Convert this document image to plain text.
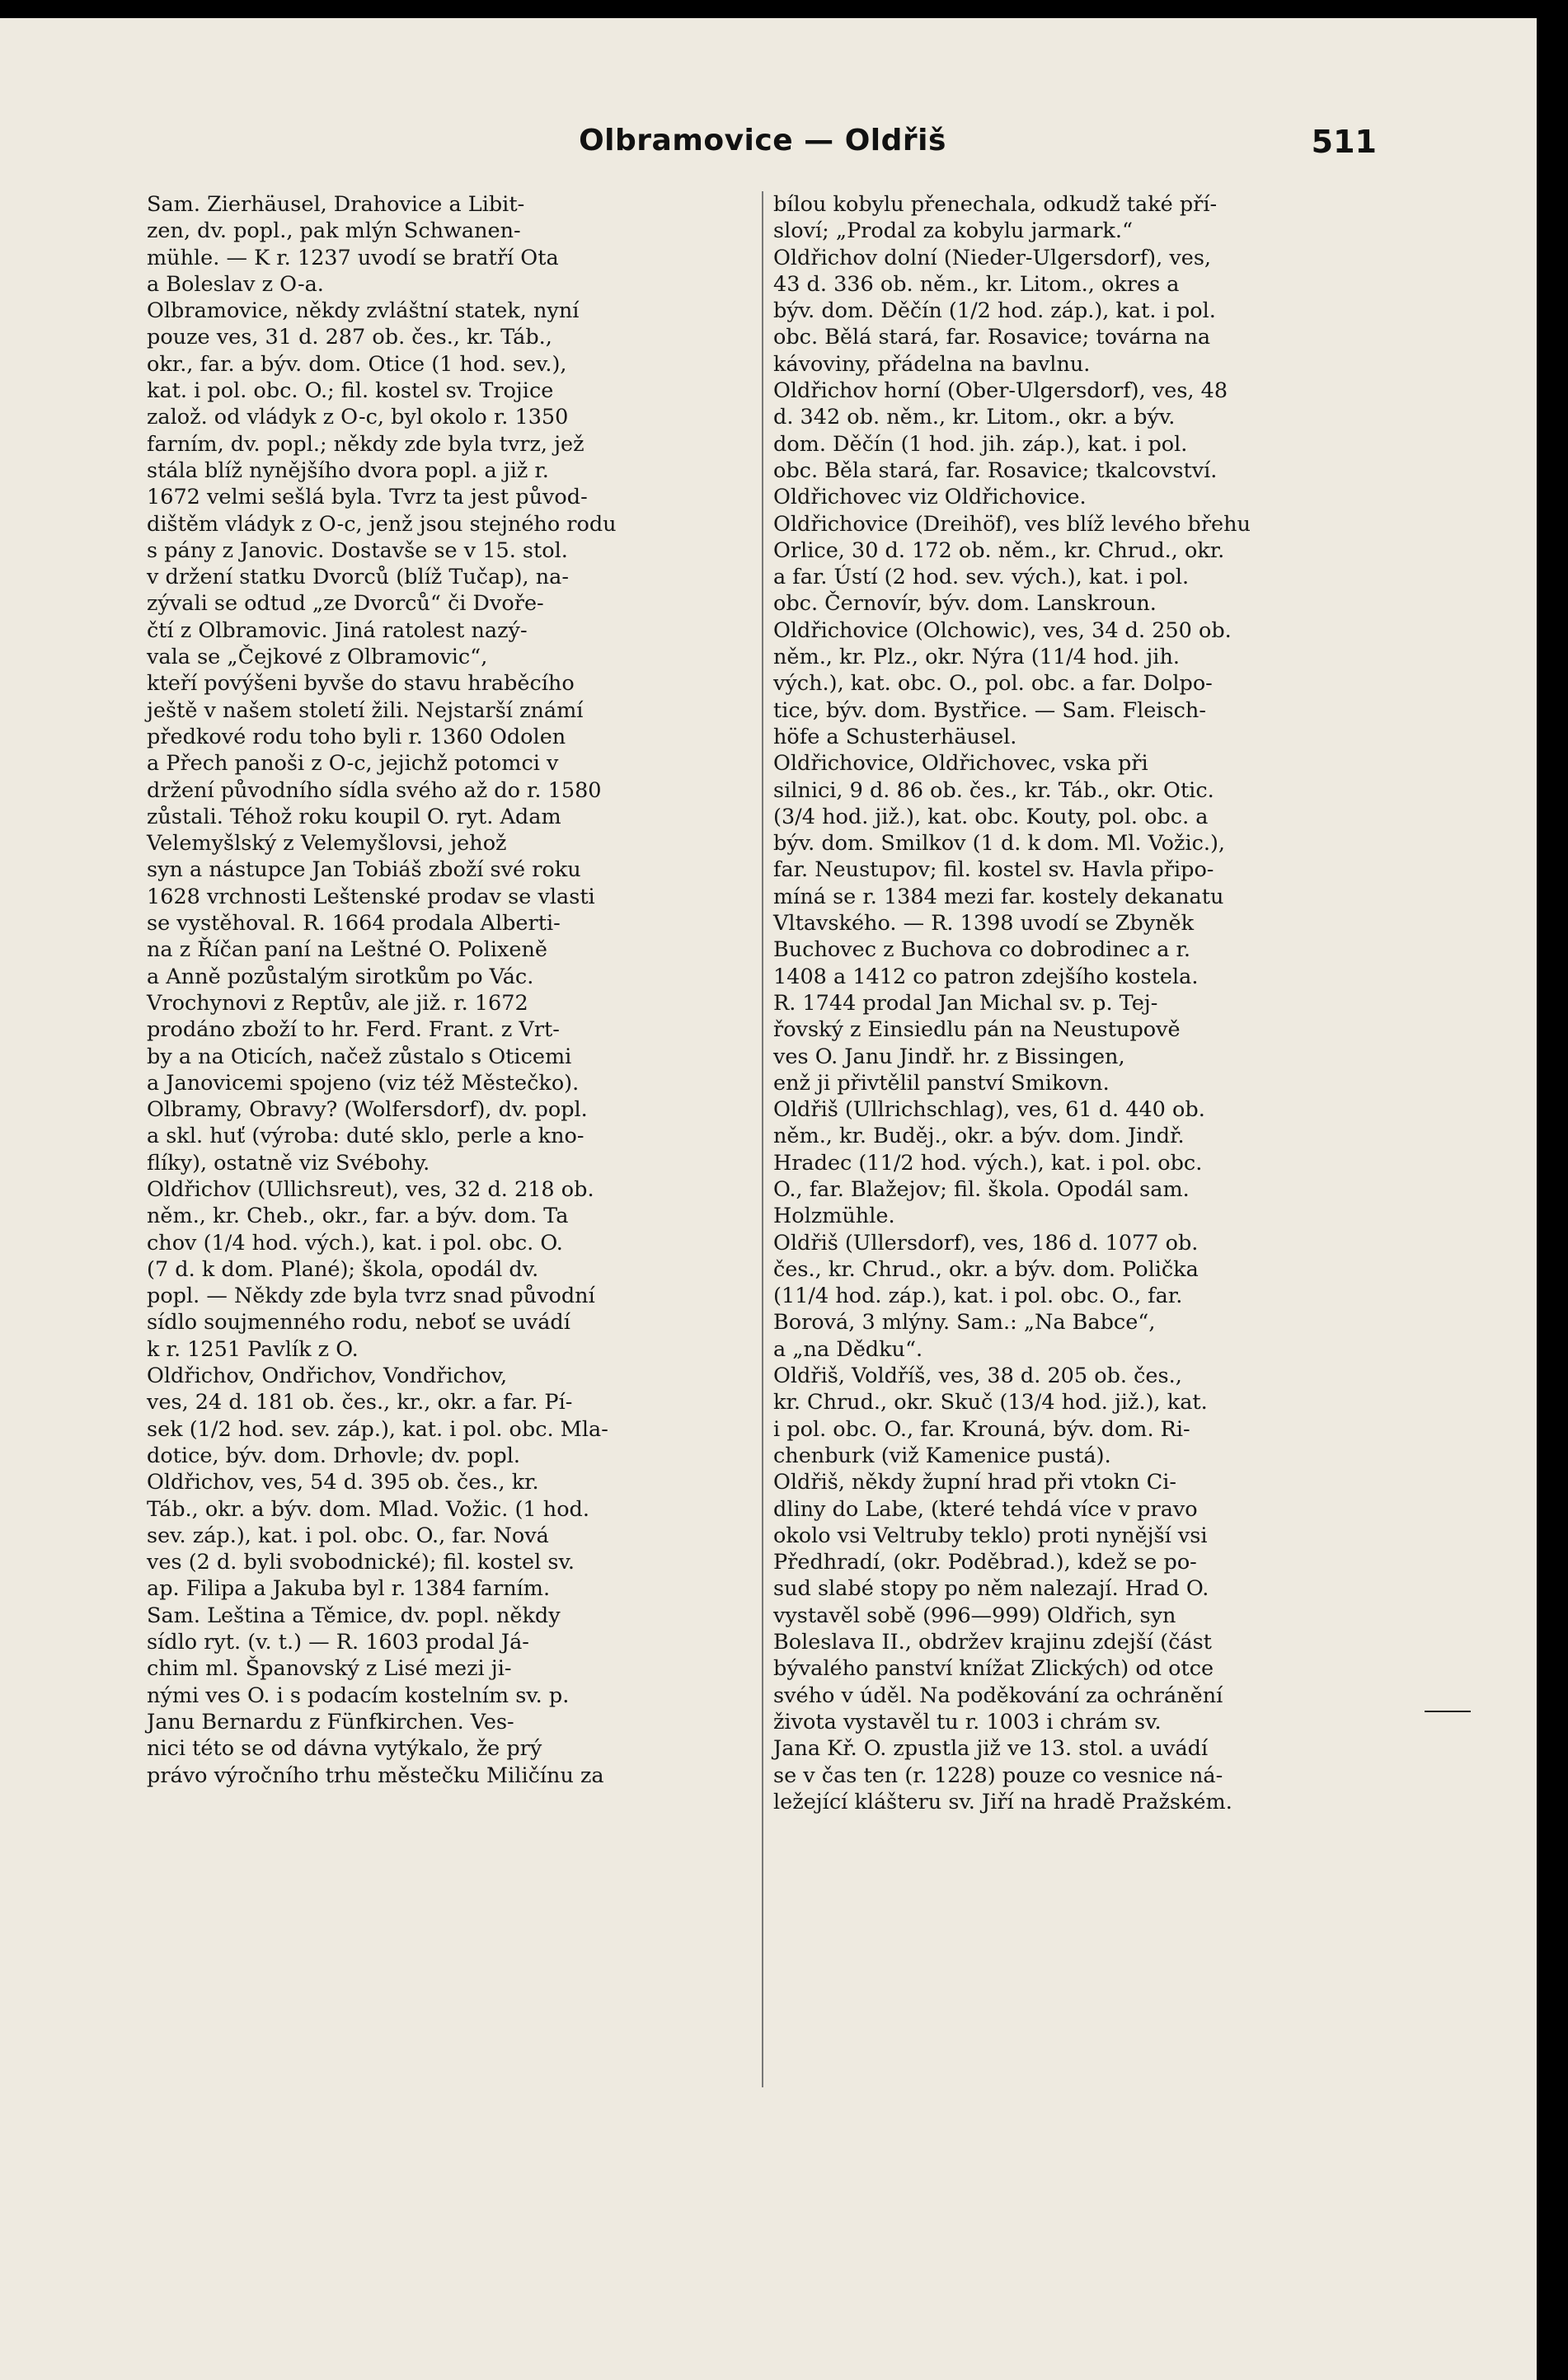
Olbramovice — Oldřiš	511

Sam. Zierhäusel, Drahovice a Libit-

zen, dv. popl., pak mlýn Schwanen-

mühle. — K r. 1237 uvodí se bratří Ota

a Boleslav z O-a.

Olbramovice, někdy zvláštní statek, nyní

pouze ves, 31 d. 287 ob. čes., kr. Táb.,

okr., far. a býv. dom. Otice (1 hod. sev.),

kat. i pol. obc. O.; fil. kostel sv. Trojice

založ. od vládyk z O-c, byl okolo r. 1350

farním, dv. popl.; někdy zde byla tvrz, jež

stála blíž nynějšího dvora popl. a již r.

1672 velmi sešlá byla. Tvrz ta jest původ-

dištěm vládyk z O-c, jenž jsou stejného rodu

s pány z Janovic. Dostavše se v 15. stol.

v držení statku Dvorců (blíž Tučap), na-

zývali se odtud „ze Dvorců“ či Dvoře-

čtí z Olbramovic. Jiná ratolest nazý-

vala se „Čejkové z Olbramovic“,

kteří povýšeni byvše do stavu hraběcího

ještě v našem století žili. Nejstarší známí

předkové rodu toho byli r. 1360 Odolen

a Přech panoši z O-c, jejichž potomci v

držení původního sídla svého až do r. 1580

zůstali. Téhož roku koupil O. ryt. Adam

Velemyšlský z Velemyšlovsi, jehož

syn a nástupce Jan Tobiáš zboží své roku

1628 vrchnosti Leštenské prodav se vlasti

se vystěhoval. R. 1664 prodala Alberti-

na z Říčan paní na Leštné O. Polixeně

a Anně pozůstalým sirotkům po Vác.

Vrochynovi z Reptův, ale již. r. 1672

prodáno zboží to hr. Ferd. Frant. z Vrt-

by a na Oticích, načež zůstalo s Oticemi

a Janovicemi spojeno (viz též Městečko).

Olbramy, Obravy? (Wolfersdorf), dv. popl.

a skl. huť (výroba: duté sklo, perle a kno-

flíky), ostatně viz Svébohy.

Oldřichov (Ullichsreut), ves, 32 d. 218 ob.

něm., kr. Cheb., okr., far. a býv. dom. Ta

chov (1/4 hod. vých.), kat. i pol. obc. O.

(7 d. k dom. Plané); škola, opodál dv.

popl. — Někdy zde byla tvrz snad původní

sídlo soujmenného rodu, neboť se uvádí

k r. 1251 Pavlík z O.

Oldřichov, Ondřichov, Vondřichov,

ves, 24 d. 181 ob. čes., kr., okr. a far. Pí-

sek (1/2 hod. sev. záp.), kat. i pol. obc. Mla-

dotice, býv. dom. Drhovle; dv. popl.

Oldřichov, ves, 54 d. 395 ob. čes., kr.

Táb., okr. a býv. dom. Mlad. Vožic. (1 hod.

sev. záp.), kat. i pol. obc. O., far. Nová

ves (2 d. byli svobodnické); fil. kostel sv.

ap. Filipa a Jakuba byl r. 1384 farním.

Sam. Leština a Těmice, dv. popl. někdy

sídlo ryt. (v. t.) — R. 1603 prodal Já-

chim ml. Španovský z Lisé mezi ji-

nými ves O. i s podacím kostelním sv. p.

Janu Bernardu z Fünfkirchen. Ves-

nici této se od dávna vytýkalo, že prý

právo výročního trhu městečku Miličínu za

bílou kobylu přenechala, odkudž také pří-

sloví; „Prodal za kobylu jarmark.“

Oldřichov dolní (Nieder-Ulgersdorf), ves,

43 d. 336 ob. něm., kr. Litom., okres a

býv. dom. Děčín (1/2 hod. záp.), kat. i pol.

obc. Bělá stará, far. Rosavice; továrna na

kávoviny, přádelna na bavlnu.

Oldřichov horní (Ober-Ulgersdorf), ves, 48

d. 342 ob. něm., kr. Litom., okr. a býv.

dom. Děčín (1 hod. jih. záp.), kat. i pol.

obc. Běla stará, far. Rosavice; tkalcovství.

Oldřichovec viz Oldřichovice.

Oldřichovice (Dreihöf), ves blíž levého břehu

Orlice, 30 d. 172 ob. něm., kr. Chrud., okr.

a far. Ústí (2 hod. sev. vých.), kat. i pol.

obc. Černovír, býv. dom. Lanskroun.

Oldřichovice (Olchowic), ves, 34 d. 250 ob.

něm., kr. Plz., okr. Nýra (11/4 hod. jih.

vých.), kat. obc. O., pol. obc. a far. Dolpo-

tice, býv. dom. Bystřice. — Sam. Fleisch-

höfe a Schusterhäusel.

Oldřichovice, Oldřichovec, vska při

silnici, 9 d. 86 ob. čes., kr. Táb., okr. Otic.

(3/4 hod. již.), kat. obc. Kouty, pol. obc. a

býv. dom. Smilkov (1 d. k dom. Ml. Vožic.),

far. Neustupov; fil. kostel sv. Havla připo-

míná se r. 1384 mezi far. kostely dekanatu

Vltavského. — R. 1398 uvodí se Zbyněk

Buchovec z Buchova co dobrodinec a r.

1408 a 1412 co patron zdejšího kostela.

R. 1744 prodal Jan Michal sv. p. Tej-

řovský z Einsiedlu pán na Neustupově

ves O. Janu Jindř. hr. z Bissingen,

enž ji přivtělil panství Smikovn.

Oldřiš (Ullrichschlag), ves, 61 d. 440 ob.

něm., kr. Buděj., okr. a býv. dom. Jindř.

Hradec (11/2 hod. vých.), kat. i pol. obc.

O., far. Blažejov; fil. škola. Opodál sam.

Holzmühle.

Oldřiš (Ullersdorf), ves, 186 d. 1077 ob.

čes., kr. Chrud., okr. a býv. dom. Polička

(11/4 hod. záp.), kat. i pol. obc. O., far.

Borová, 3 mlýny. Sam.: „Na Babce“,

a „na Dědku“.

Oldřiš, Voldříš, ves, 38 d. 205 ob. čes.,

kr. Chrud., okr. Skuč (13/4 hod. již.), kat.

i pol. obc. O., far. Krouná, býv. dom. Ri-

chenburk (viž Kamenice pustá).

Oldřiš, někdy župní hrad při vtokn Ci-

dliny do Labe, (které tehdá více v pravo

okolo vsi Veltruby teklo) proti nynější vsi

Předhradí, (okr. Poděbrad.), kdež se po-

sud slabé stopy po něm nalezají. Hrad O.

vystavěl sobě (996—999) Oldřich, syn

Boleslava II., obdržev krajinu zdejší (část

bývalého panství knížat Zlických) od otce

svého v úděl. Na poděkování za ochránění

života vystavěl tu r. 1003 i chrám sv.

Jana Kř. O. zpustla již ve 13. stol. a uvádí

se v čas ten (r. 1228) pouze co vesnice ná-

ležející klášteru sv. Jiří na hradě Pražském.
